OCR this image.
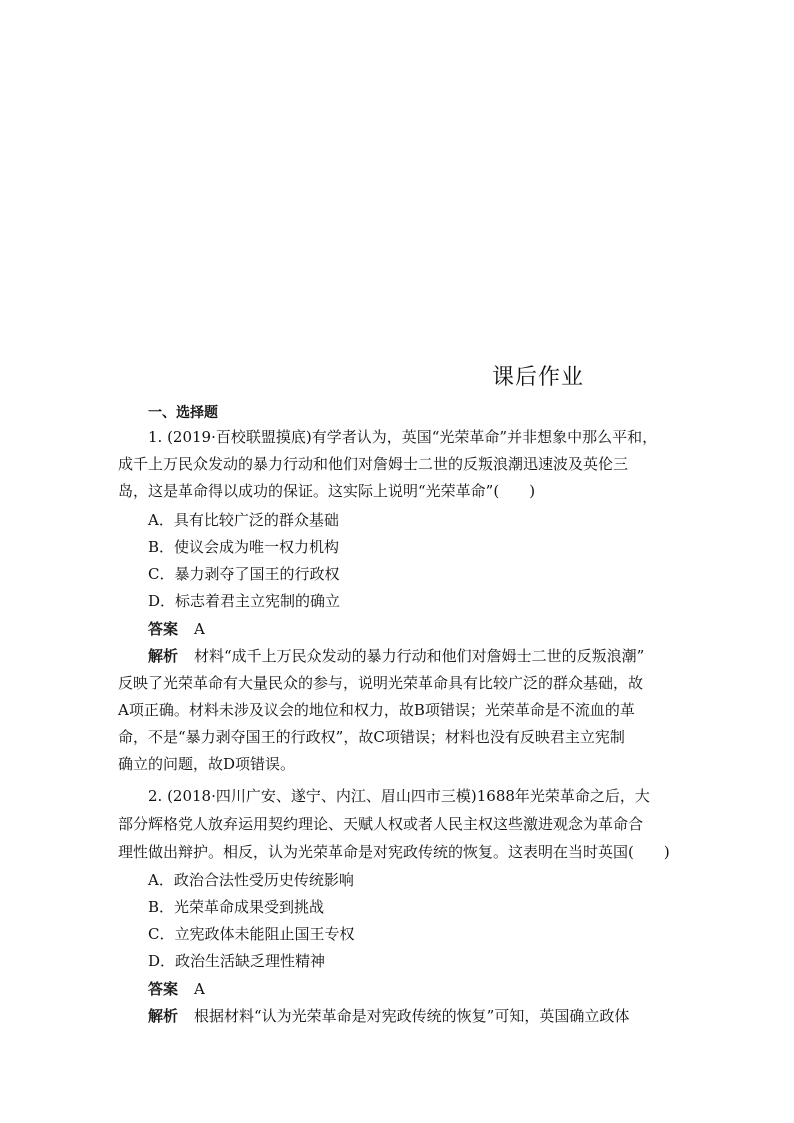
课后作业
一、选择题
1. (2019·百校联盟摸底)有学者认为，英国“光荣革命”并非想象中那么平和，
成千上万民众发动的暴力行动和他们对詹姆士二世的反叛浪潮迅速波及英伦三
岛，这是革命得以成功的保证。这实际上说明“光荣革命”(　　)
A．具有比较广泛的群众基础
B．使议会成为唯一权力机构
C．暴力剥夺了国王的行政权
D．标志着君主立宪制的确立
答案 A
解析 材料“成千上万民众发动的暴力行动和他们对詹姆士二世的反叛浪潮”
反映了光荣革命有大量民众的参与，说明光荣革命具有比较广泛的群众基础，故
A项正确。材料未涉及议会的地位和权力，故B项错误；光荣革命是不流血的革
命，不是“暴力剥夺国王的行政权”，故C项错误；材料也没有反映君主立宪制
确立的问题，故D项错误。
2. (2018·四川广安、遂宁、内江、眉山四市三模)1688年光荣革命之后，大
部分辉格党人放弃运用契约理论、天赋人权或者人民主权这些激进观念为革命合
理性做出辩护。相反，认为光荣革命是对宪政传统的恢复。这表明在当时英国(　　)
A．政治合法性受历史传统影响
B．光荣革命成果受到挑战
C．立宪政体未能阻止国王专权
D．政治生活缺乏理性精神
答案 A
解析 根据材料“认为光荣革命是对宪政传统的恢复”可知，英国确立政体
